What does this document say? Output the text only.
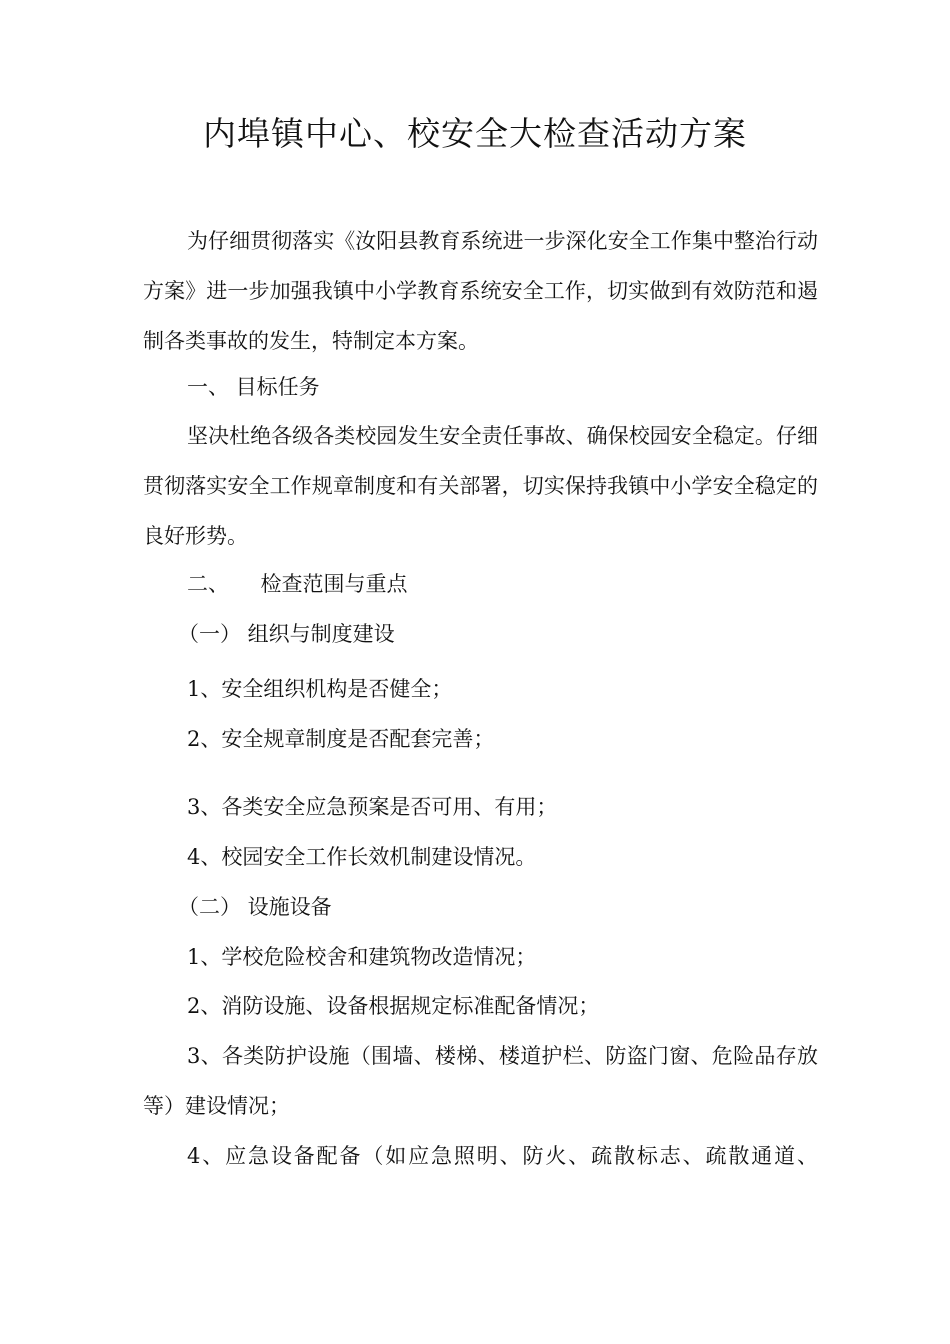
内埠镇中心、校安全大检查活动方案

为仔细贯彻落实《汝阳县教育系统进一步深化安全工作集中整治行动方案》进一步加强我镇中小学教育系统安全工作，切实做到有效防范和遏制各类事故的发生，特制定本方案。

一、 目标任务

坚决杜绝各级各类校园发生安全责任事故、确保校园安全稳定。仔细贯彻落实安全工作规章制度和有关部署，切实保持我镇中小学安全稳定的良好形势。

二、　　检查范围与重点

（一） 组织与制度建设

1、安全组织机构是否健全；

2、安全规章制度是否配套完善；

3、各类安全应急预案是否可用、有用；

4、校园安全工作长效机制建设情况。

（二） 设施设备

1、学校危险校舍和建筑物改造情况；

2、消防设施、设备根据规定标准配备情况；

3、各类防护设施（围墙、楼梯、楼道护栏、防盗门窗、危险品存放等）建设情况；

4、应急设备配备（如应急照明、防火、疏散标志、疏散通道、
